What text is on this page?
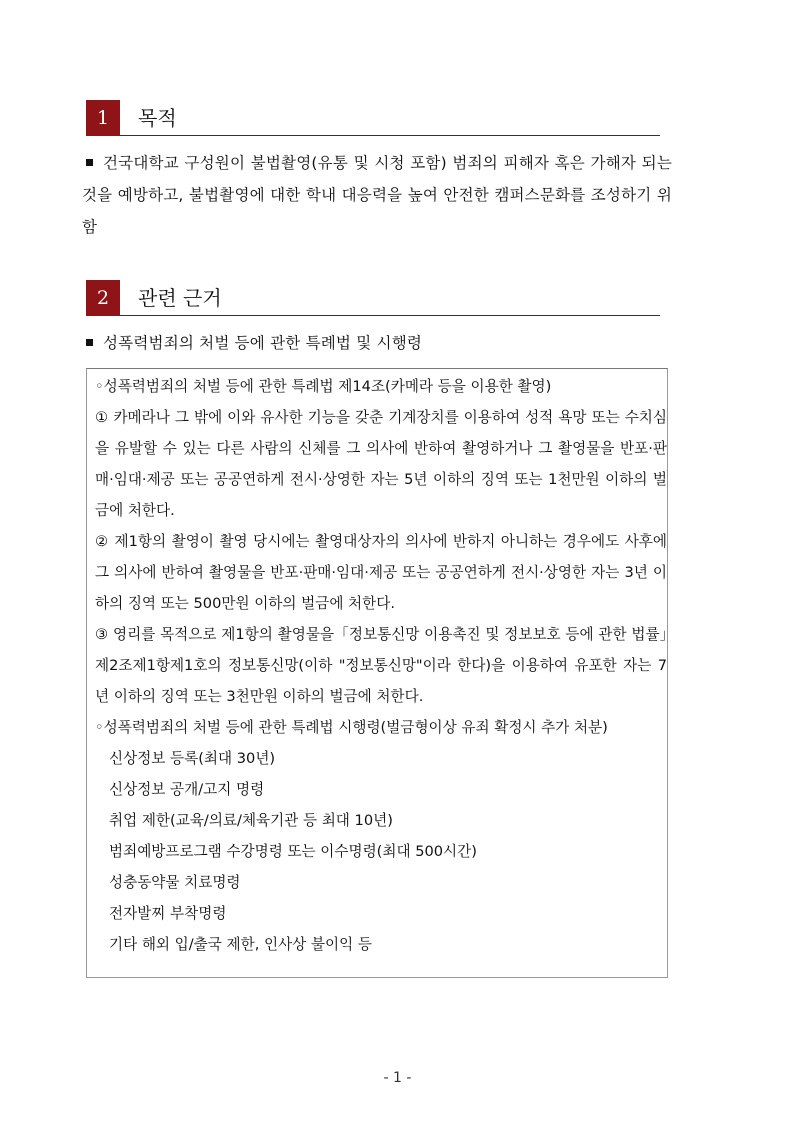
1	목적
건국대학교 구성원이 불법촬영(유통 및 시청 포함) 범죄의 피해자 혹은 가해자 되는 것을 예방하고, 불법촬영에 대한 학내 대응력을 높여 안전한 캠퍼스문화를 조성하기 위함
2	관련 근거
성폭력범죄의 처벌 등에 관한 특례법 및 시행령
◦성폭력범죄의 처벌 등에 관한 특례법 제14조(카메라 등을 이용한 촬영)
① 카메라나 그 밖에 이와 유사한 기능을 갖춘 기계장치를 이용하여 성적 욕망 또는 수치심을 유발할 수 있는 다른 사람의 신체를 그 의사에 반하여 촬영하거나 그 촬영물을 반포·판매·임대·제공 또는 공공연하게 전시·상영한 자는 5년 이하의 징역 또는 1천만원 이하의 벌금에 처한다.
② 제1항의 촬영이 촬영 당시에는 촬영대상자의 의사에 반하지 아니하는 경우에도 사후에 그 의사에 반하여 촬영물을 반포·판매·임대·제공 또는 공공연하게 전시·상영한 자는 3년 이하의 징역 또는 500만원 이하의 벌금에 처한다.
③ 영리를 목적으로 제1항의 촬영물을「정보통신망 이용촉진 및 정보보호 등에 관한 법률」제2조제1항제1호의 정보통신망(이하 "정보통신망"이라 한다)을 이용하여 유포한 자는 7년 이하의 징역 또는 3천만원 이하의 벌금에 처한다.
◦성폭력범죄의 처벌 등에 관한 특례법 시행령(벌금형이상 유죄 확정시 추가 처분)
신상정보 등록(최대 30년)
신상정보 공개/고지 명령
취업 제한(교육/의료/체육기관 등 최대 10년)
범죄예방프로그램 수강명령 또는 이수명령(최대 500시간)
성충동약물 치료명령
전자발찌 부착명령
기타 해외 입/출국 제한, 인사상 불이익 등
- 1 -
